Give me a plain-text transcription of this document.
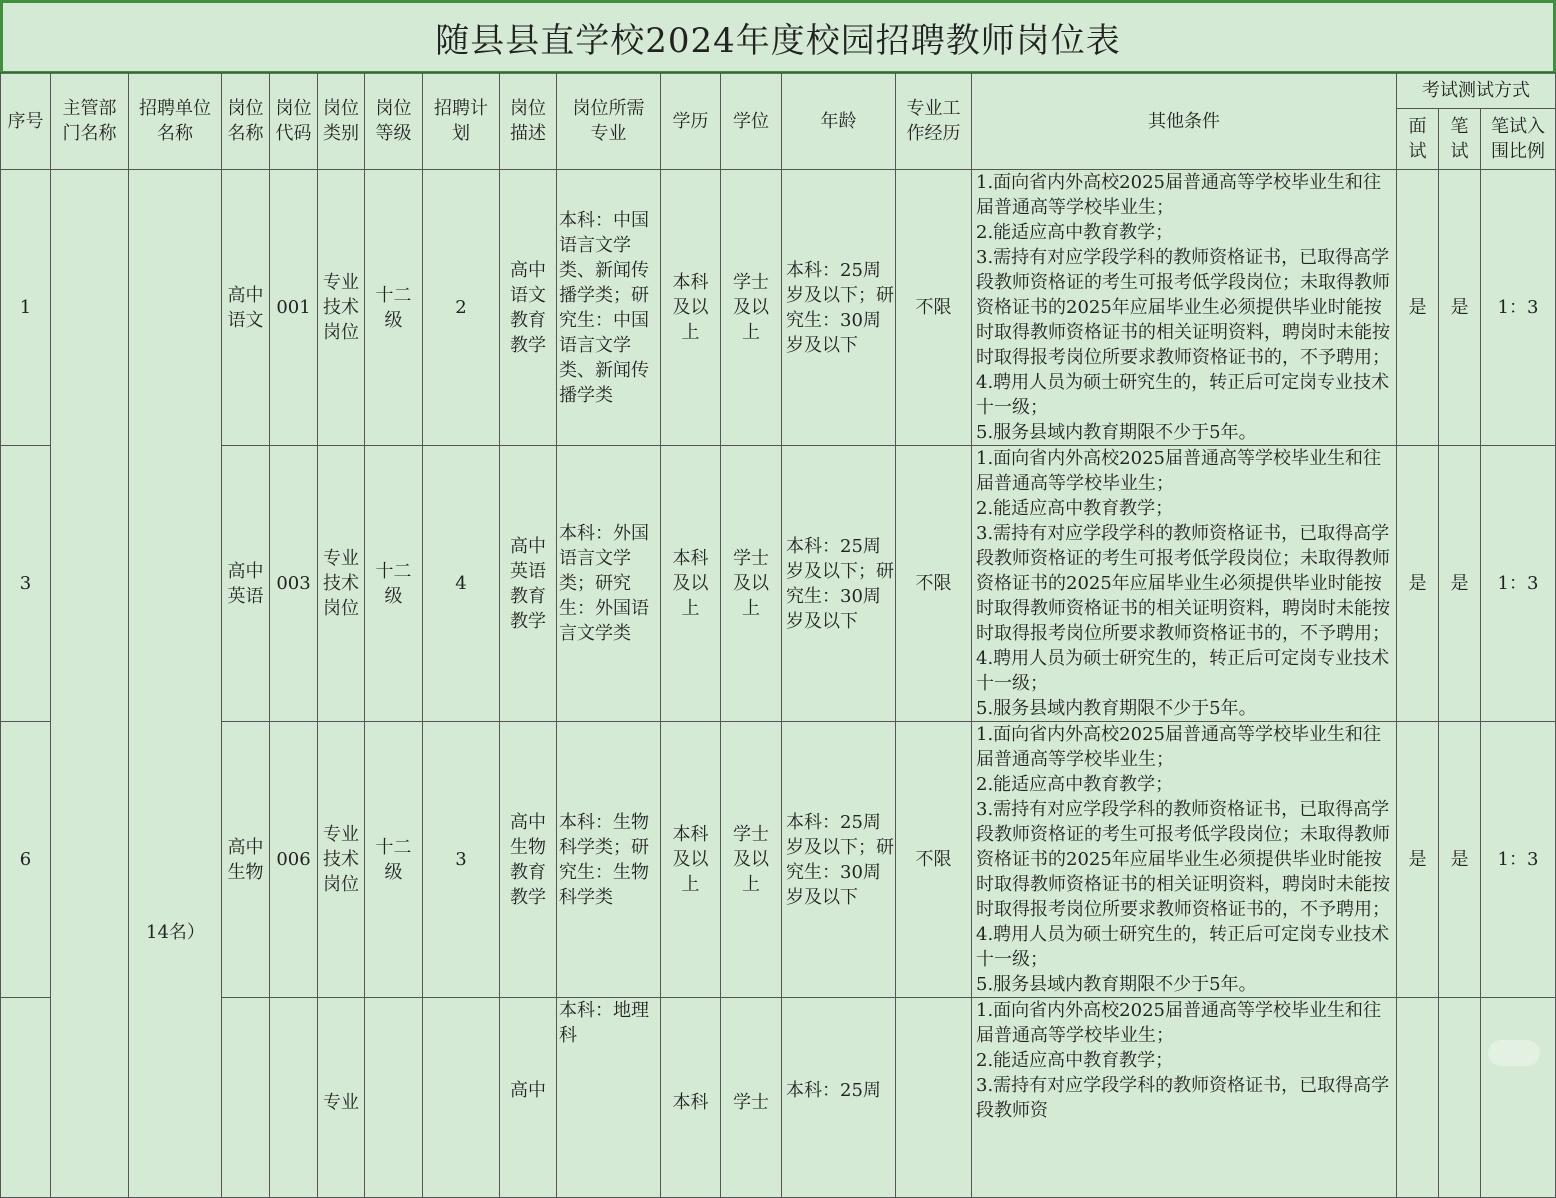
随县县直学校2024年度校园招聘教师岗位表
序号	主管部门名称	招聘单位名称	岗位名称	岗位代码	岗位类别	岗位等级	招聘计划	岗位描述	岗位所需专业	学历	学位	年龄	专业工作经历	其他条件	考试测试方式		

															面试	笔试	笔试入围比例

1			高中语文	001	专业技术岗位	十二级	2	高中语文教育教学	本科：中国语言文学类、新闻传播学类；研究生：中国语言文学类、新闻传播学类	本科及以上	学士及以上	本科：25周岁及以下；研究生：30周岁及以下	不限	1.面向省内外高校2025届普通高等学校毕业生和往届普通高等学校毕业生；
2.能适应高中教育教学；
3.需持有对应学段学科的教师资格证书，已取得高学段教师资格证的考生可报考低学段岗位；未取得教师资格证书的2025年应届毕业生必须提供毕业时能按时取得教师资格证书的相关证明资料，聘岗时未能按时取得报考岗位所要求教师资格证书的，不予聘用；
4.聘用人员为硕士研究生的，转正后可定岗专业技术十一级；
5.服务县域内教育期限不少于5年。	是	是	1：3
3			高中英语	003	专业技术岗位	十二级	4	高中英语教育教学	本科：外国语言文学类；研究生：外国语言文学类	本科及以上	学士及以上	本科：25周岁及以下；研究生：30周岁及以下	不限	1.面向省内外高校2025届普通高等学校毕业生和往届普通高等学校毕业生；
2.能适应高中教育教学；
3.需持有对应学段学科的教师资格证书，已取得高学段教师资格证的考生可报考低学段岗位；未取得教师资格证书的2025年应届毕业生必须提供毕业时能按时取得教师资格证书的相关证明资料，聘岗时未能按时取得报考岗位所要求教师资格证书的，不予聘用；
4.聘用人员为硕士研究生的，转正后可定岗专业技术十一级；
5.服务县域内教育期限不少于5年。	是	是	1：3
6			高中生物	006	专业技术岗位	十二级	3	高中生物教育教学	本科：生物科学类；研究生：生物科学类	本科及以上	学士及以上	本科：25周岁及以下；研究生：30周岁及以下	不限	1.面向省内外高校2025届普通高等学校毕业生和往届普通高等学校毕业生；
2.能适应高中教育教学；
3.需持有对应学段学科的教师资格证书，已取得高学段教师资格证的考生可报考低学段岗位；未取得教师资格证书的2025年应届毕业生必须提供毕业时能按时取得教师资格证书的相关证明资料，聘岗时未能按时取得报考岗位所要求教师资格证书的，不予聘用；
4.聘用人员为硕士研究生的，转正后可定岗专业技术十一级；
5.服务县域内教育期限不少于5年。	是	是	1：3

					专业			高中	本科：地理科	本科	学士	本科：25周		1.面向省内外高校2025届普通高等学校毕业生和往届普通高等学校毕业生；
2.能适应高中教育教学；
3.需持有对应学段学科的教师资格证书，已取得高学段教师资			

14名）
